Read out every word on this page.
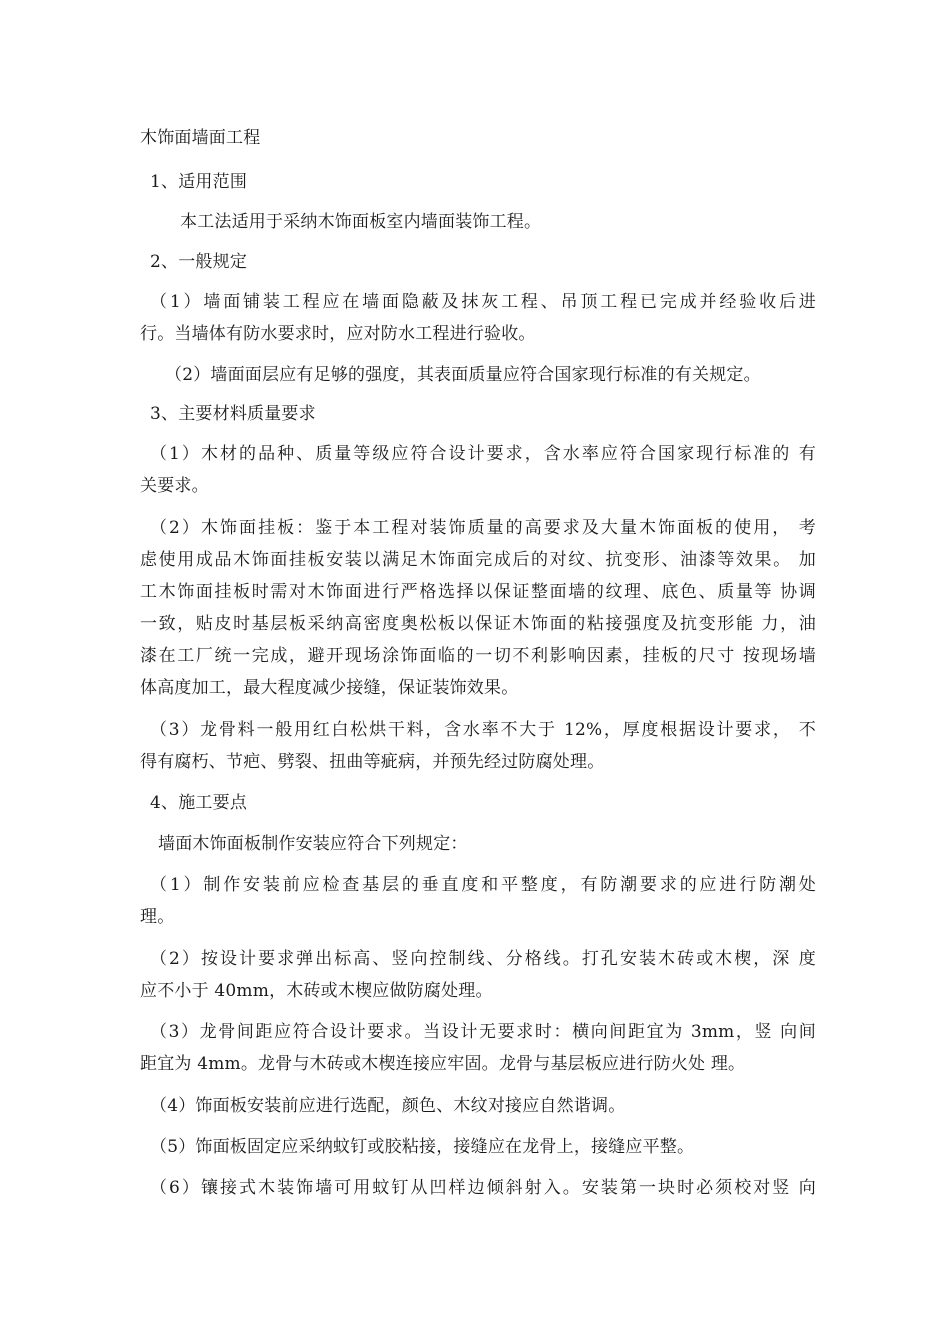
木饰面墙面工程
1、适用范围
本工法适用于采纳木饰面板室内墙面装饰工程。
2、一般规定
（1）墙面铺装工程应在墙面隐蔽及抹灰工程、吊顶工程已完成并经验收后进
行。当墙体有防水要求时，应对防水工程进行验收。
（2）墙面面层应有足够的强度，其表面质量应符合国家现行标准的有关规定。
3、主要材料质量要求
（1）木材的品种、质量等级应符合设计要求，含水率应符合国家现行标准的 有
关要求。
（2）木饰面挂板：鉴于本工程对装饰质量的高要求及大量木饰面板的使用， 考
虑使用成品木饰面挂板安装以满足木饰面完成后的对纹、抗变形、油漆等效果。 加
工木饰面挂板时需对木饰面进行严格选择以保证整面墙的纹理、底色、质量等 协调
一致，贴皮时基层板采纳高密度奥松板以保证木饰面的粘接强度及抗变形能 力，油
漆在工厂统一完成，避开现场涂饰面临的一切不利影响因素，挂板的尺寸 按现场墙
体高度加工，最大程度减少接缝，保证装饰效果。
（3）龙骨料一般用红白松烘干料，含水率不大于 12%，厚度根据设计要求， 不
得有腐朽、节疤、劈裂、扭曲等疵病，并预先经过防腐处理。
4、施工要点
墙面木饰面板制作安装应符合下列规定：
（1）制作安装前应检查基层的垂直度和平整度，有防潮要求的应进行防潮处
理。
（2）按设计要求弹出标高、竖向控制线、分格线。打孔安装木砖或木楔，深 度
应不小于 40mm，木砖或木楔应做防腐处理。
（3）龙骨间距应符合设计要求。当设计无要求时：横向间距宜为 3mm，竖 向间
距宜为 4mm。龙骨与木砖或木楔连接应牢固。龙骨与基层板应进行防火处 理。
（4）饰面板安装前应进行选配，颜色、木纹对接应自然谐调。
（5）饰面板固定应采纳蚊钉或胶粘接，接缝应在龙骨上，接缝应平整。
（6）镶接式木装饰墙可用蚊钉从凹样边倾斜射入。安装第一块时必须校对竖 向
